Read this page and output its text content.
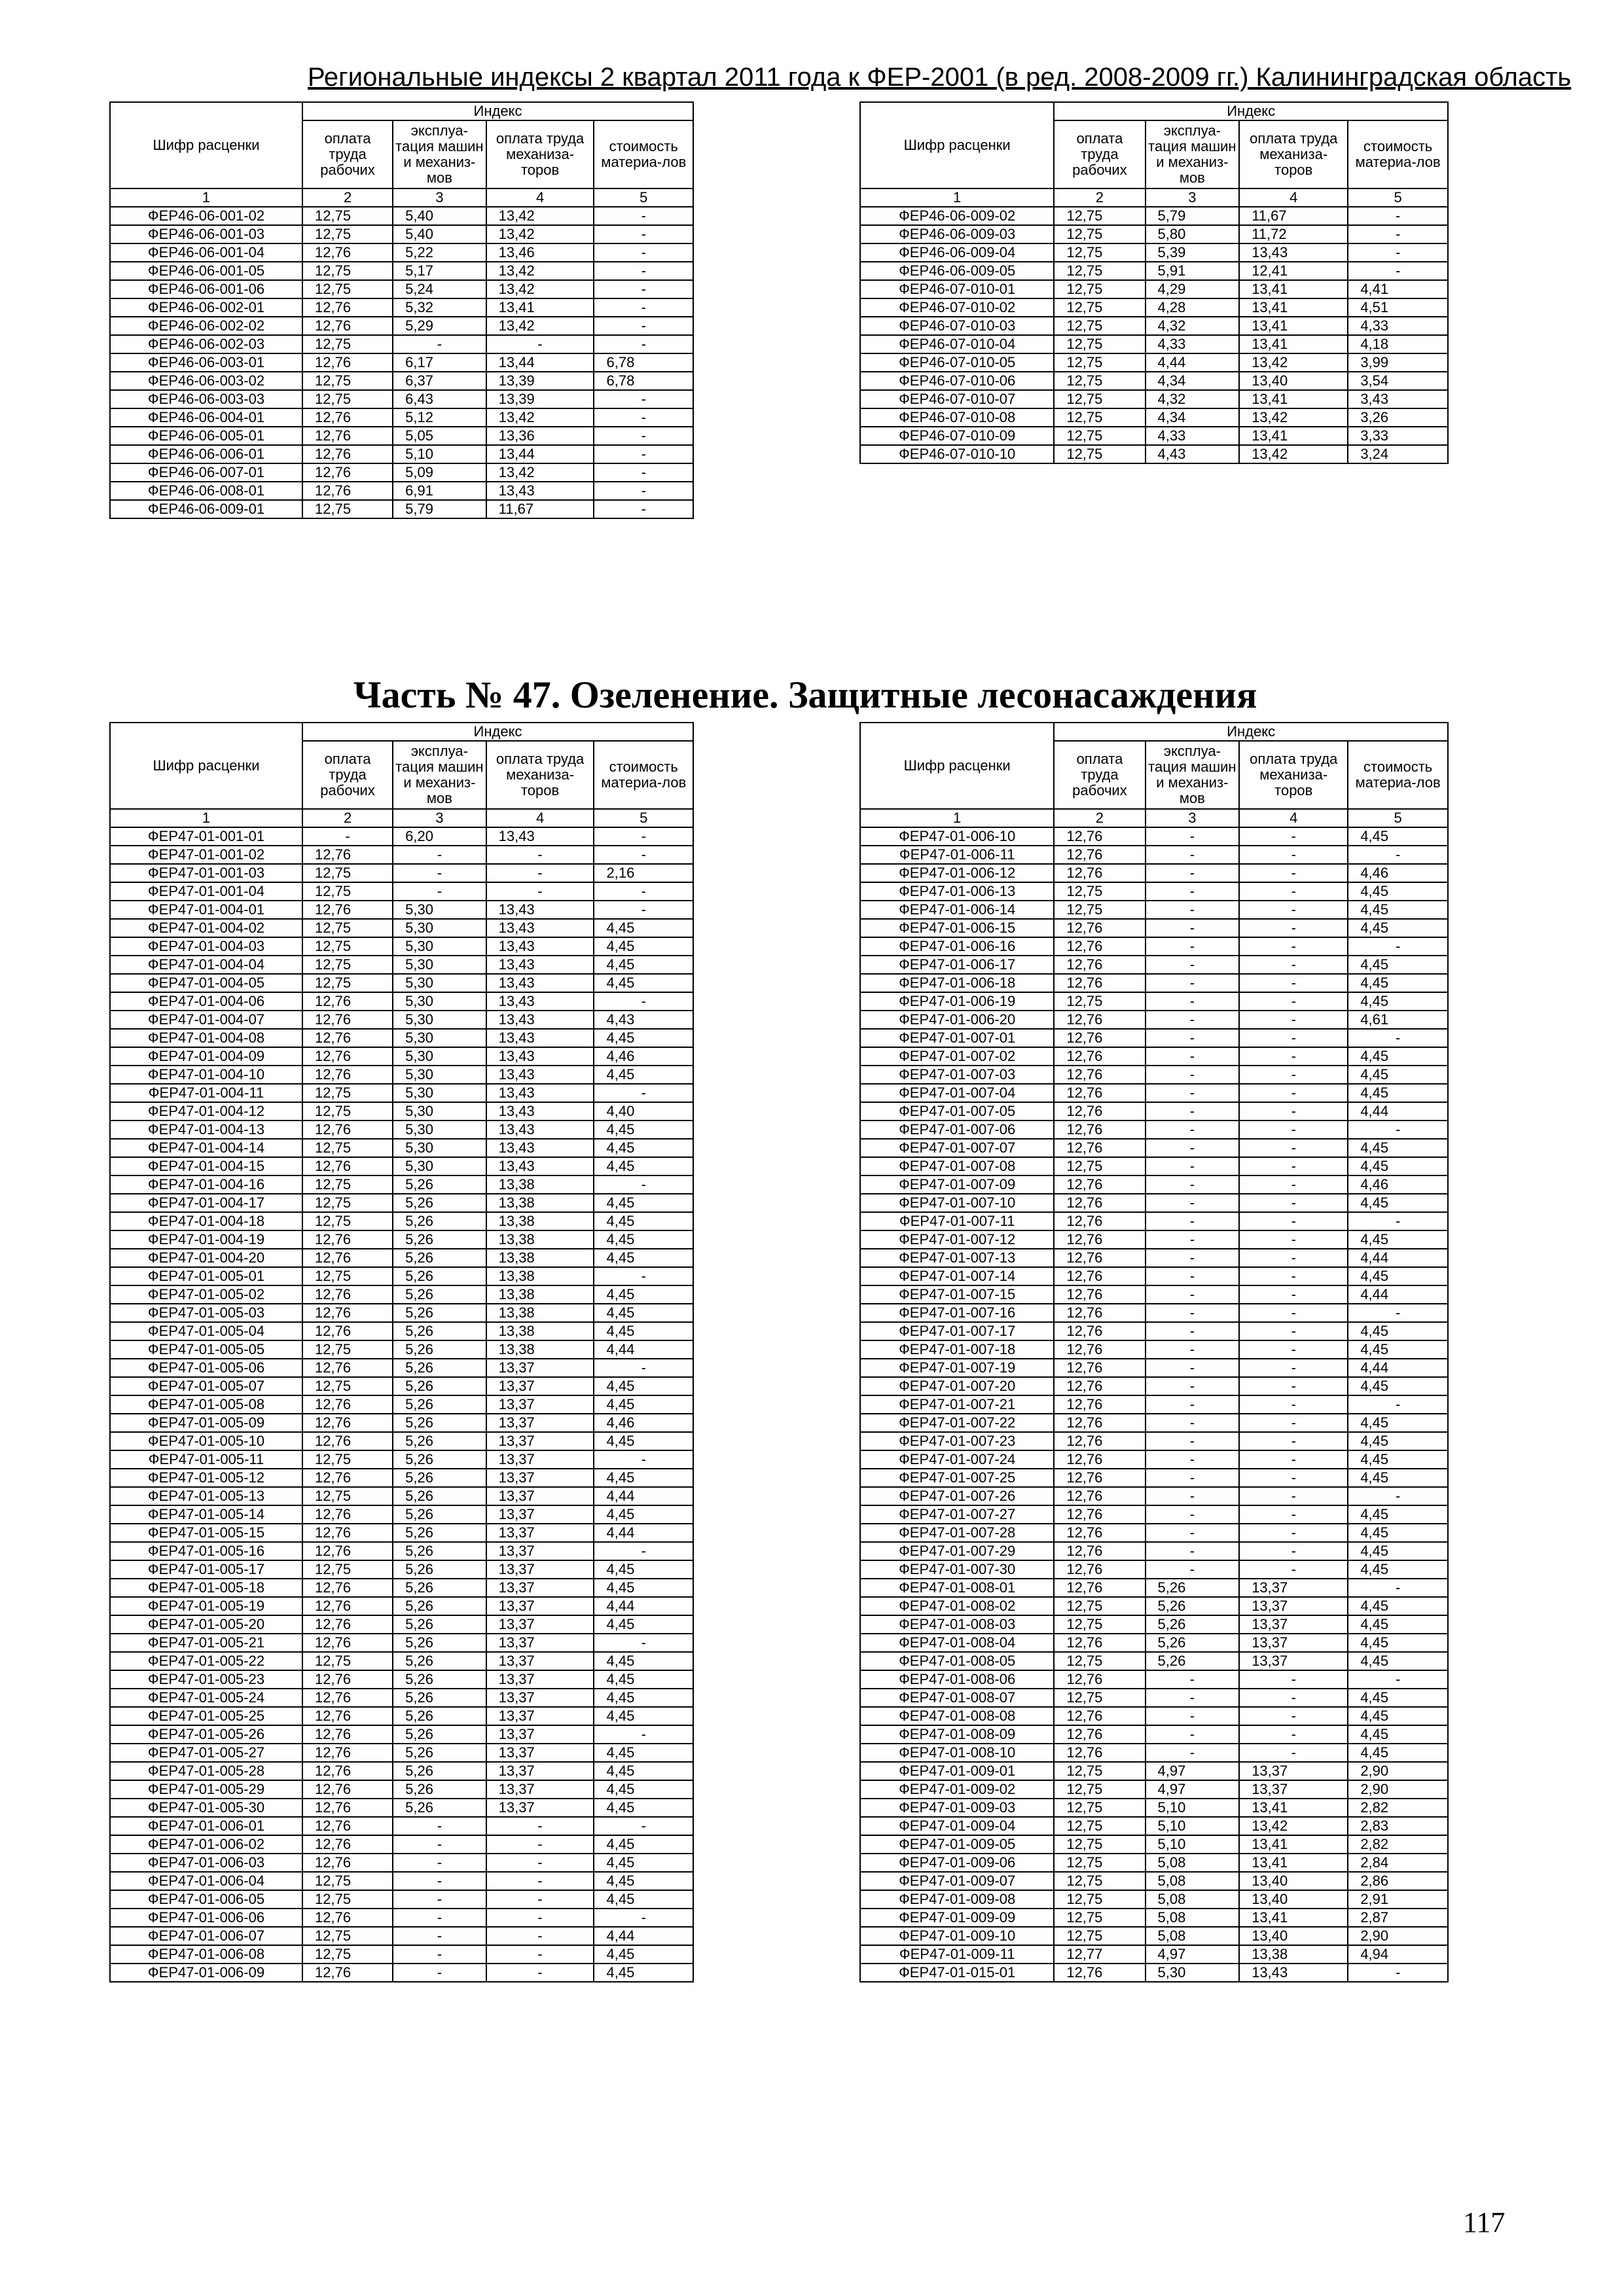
Региональные индексы 2 квартал 2011 года к ФЕР-2001 (в ред. 2008-2009 гг.) Калининградская область
Шифр расценки	Индекс			
	оплата труда рабочих	эксплуа-тация машин и механиз-мов	оплата труда механиза-торов	стоимость материа-лов
1	2	3	4	5
ФЕР46-06-001-02	12,75	5,40	13,42	-
ФЕР46-06-001-03	12,75	5,40	13,42	-
ФЕР46-06-001-04	12,76	5,22	13,46	-
ФЕР46-06-001-05	12,75	5,17	13,42	-
ФЕР46-06-001-06	12,75	5,24	13,42	-
ФЕР46-06-002-01	12,76	5,32	13,41	-
ФЕР46-06-002-02	12,76	5,29	13,42	-
ФЕР46-06-002-03	12,75	-	-	-
ФЕР46-06-003-01	12,76	6,17	13,44	6,78
ФЕР46-06-003-02	12,75	6,37	13,39	6,78
ФЕР46-06-003-03	12,75	6,43	13,39	-
ФЕР46-06-004-01	12,76	5,12	13,42	-
ФЕР46-06-005-01	12,76	5,05	13,36	-
ФЕР46-06-006-01	12,76	5,10	13,44	-
ФЕР46-06-007-01	12,76	5,09	13,42	-
ФЕР46-06-008-01	12,76	6,91	13,43	-
ФЕР46-06-009-01	12,75	5,79	11,67	-
Шифр расценки	Индекс			
	оплата труда рабочих	эксплуа-тация машин и механиз-мов	оплата труда механиза-торов	стоимость материа-лов
1	2	3	4	5
ФЕР46-06-009-02	12,75	5,79	11,67	-
ФЕР46-06-009-03	12,75	5,80	11,72	-
ФЕР46-06-009-04	12,75	5,39	13,43	-
ФЕР46-06-009-05	12,75	5,91	12,41	-
ФЕР46-07-010-01	12,75	4,29	13,41	4,41
ФЕР46-07-010-02	12,75	4,28	13,41	4,51
ФЕР46-07-010-03	12,75	4,32	13,41	4,33
ФЕР46-07-010-04	12,75	4,33	13,41	4,18
ФЕР46-07-010-05	12,75	4,44	13,42	3,99
ФЕР46-07-010-06	12,75	4,34	13,40	3,54
ФЕР46-07-010-07	12,75	4,32	13,41	3,43
ФЕР46-07-010-08	12,75	4,34	13,42	3,26
ФЕР46-07-010-09	12,75	4,33	13,41	3,33
ФЕР46-07-010-10	12,75	4,43	13,42	3,24
Часть № 47. Озеленение. Защитные лесонасаждения
Шифр расценки	Индекс			
	оплата труда рабочих	эксплуа-тация машин и механиз-мов	оплата труда механиза-торов	стоимость материа-лов
1	2	3	4	5
ФЕР47-01-001-01	-	6,20	13,43	-
ФЕР47-01-001-02	12,76	-	-	-
ФЕР47-01-001-03	12,75	-	-	2,16
ФЕР47-01-001-04	12,75	-	-	-
ФЕР47-01-004-01	12,76	5,30	13,43	-
ФЕР47-01-004-02	12,75	5,30	13,43	4,45
ФЕР47-01-004-03	12,75	5,30	13,43	4,45
ФЕР47-01-004-04	12,75	5,30	13,43	4,45
ФЕР47-01-004-05	12,75	5,30	13,43	4,45
ФЕР47-01-004-06	12,76	5,30	13,43	-
ФЕР47-01-004-07	12,76	5,30	13,43	4,43
ФЕР47-01-004-08	12,76	5,30	13,43	4,45
ФЕР47-01-004-09	12,76	5,30	13,43	4,46
ФЕР47-01-004-10	12,76	5,30	13,43	4,45
ФЕР47-01-004-11	12,75	5,30	13,43	-
ФЕР47-01-004-12	12,75	5,30	13,43	4,40
ФЕР47-01-004-13	12,76	5,30	13,43	4,45
ФЕР47-01-004-14	12,75	5,30	13,43	4,45
ФЕР47-01-004-15	12,76	5,30	13,43	4,45
ФЕР47-01-004-16	12,75	5,26	13,38	-
ФЕР47-01-004-17	12,75	5,26	13,38	4,45
ФЕР47-01-004-18	12,75	5,26	13,38	4,45
ФЕР47-01-004-19	12,76	5,26	13,38	4,45
ФЕР47-01-004-20	12,76	5,26	13,38	4,45
ФЕР47-01-005-01	12,75	5,26	13,38	-
ФЕР47-01-005-02	12,76	5,26	13,38	4,45
ФЕР47-01-005-03	12,76	5,26	13,38	4,45
ФЕР47-01-005-04	12,76	5,26	13,38	4,45
ФЕР47-01-005-05	12,75	5,26	13,38	4,44
ФЕР47-01-005-06	12,76	5,26	13,37	-
ФЕР47-01-005-07	12,75	5,26	13,37	4,45
ФЕР47-01-005-08	12,76	5,26	13,37	4,45
ФЕР47-01-005-09	12,76	5,26	13,37	4,46
ФЕР47-01-005-10	12,76	5,26	13,37	4,45
ФЕР47-01-005-11	12,75	5,26	13,37	-
ФЕР47-01-005-12	12,76	5,26	13,37	4,45
ФЕР47-01-005-13	12,75	5,26	13,37	4,44
ФЕР47-01-005-14	12,76	5,26	13,37	4,45
ФЕР47-01-005-15	12,76	5,26	13,37	4,44
ФЕР47-01-005-16	12,76	5,26	13,37	-
ФЕР47-01-005-17	12,75	5,26	13,37	4,45
ФЕР47-01-005-18	12,76	5,26	13,37	4,45
ФЕР47-01-005-19	12,76	5,26	13,37	4,44
ФЕР47-01-005-20	12,76	5,26	13,37	4,45
ФЕР47-01-005-21	12,76	5,26	13,37	-
ФЕР47-01-005-22	12,75	5,26	13,37	4,45
ФЕР47-01-005-23	12,76	5,26	13,37	4,45
ФЕР47-01-005-24	12,76	5,26	13,37	4,45
ФЕР47-01-005-25	12,76	5,26	13,37	4,45
ФЕР47-01-005-26	12,76	5,26	13,37	-
ФЕР47-01-005-27	12,76	5,26	13,37	4,45
ФЕР47-01-005-28	12,76	5,26	13,37	4,45
ФЕР47-01-005-29	12,76	5,26	13,37	4,45
ФЕР47-01-005-30	12,76	5,26	13,37	4,45
ФЕР47-01-006-01	12,76	-	-	-
ФЕР47-01-006-02	12,76	-	-	4,45
ФЕР47-01-006-03	12,76	-	-	4,45
ФЕР47-01-006-04	12,75	-	-	4,45
ФЕР47-01-006-05	12,75	-	-	4,45
ФЕР47-01-006-06	12,76	-	-	-
ФЕР47-01-006-07	12,75	-	-	4,44
ФЕР47-01-006-08	12,75	-	-	4,45
ФЕР47-01-006-09	12,76	-	-	4,45
Шифр расценки	Индекс			
	оплата труда рабочих	эксплуа-тация машин и механиз-мов	оплата труда механиза-торов	стоимость материа-лов
1	2	3	4	5
ФЕР47-01-006-10	12,76	-	-	4,45
ФЕР47-01-006-11	12,76	-	-	-
ФЕР47-01-006-12	12,76	-	-	4,46
ФЕР47-01-006-13	12,75	-	-	4,45
ФЕР47-01-006-14	12,75	-	-	4,45
ФЕР47-01-006-15	12,76	-	-	4,45
ФЕР47-01-006-16	12,76	-	-	-
ФЕР47-01-006-17	12,76	-	-	4,45
ФЕР47-01-006-18	12,76	-	-	4,45
ФЕР47-01-006-19	12,75	-	-	4,45
ФЕР47-01-006-20	12,76	-	-	4,61
ФЕР47-01-007-01	12,76	-	-	-
ФЕР47-01-007-02	12,76	-	-	4,45
ФЕР47-01-007-03	12,76	-	-	4,45
ФЕР47-01-007-04	12,76	-	-	4,45
ФЕР47-01-007-05	12,76	-	-	4,44
ФЕР47-01-007-06	12,76	-	-	-
ФЕР47-01-007-07	12,76	-	-	4,45
ФЕР47-01-007-08	12,75	-	-	4,45
ФЕР47-01-007-09	12,76	-	-	4,46
ФЕР47-01-007-10	12,76	-	-	4,45
ФЕР47-01-007-11	12,76	-	-	-
ФЕР47-01-007-12	12,76	-	-	4,45
ФЕР47-01-007-13	12,76	-	-	4,44
ФЕР47-01-007-14	12,76	-	-	4,45
ФЕР47-01-007-15	12,76	-	-	4,44
ФЕР47-01-007-16	12,76	-	-	-
ФЕР47-01-007-17	12,76	-	-	4,45
ФЕР47-01-007-18	12,76	-	-	4,45
ФЕР47-01-007-19	12,76	-	-	4,44
ФЕР47-01-007-20	12,76	-	-	4,45
ФЕР47-01-007-21	12,76	-	-	-
ФЕР47-01-007-22	12,76	-	-	4,45
ФЕР47-01-007-23	12,76	-	-	4,45
ФЕР47-01-007-24	12,76	-	-	4,45
ФЕР47-01-007-25	12,76	-	-	4,45
ФЕР47-01-007-26	12,76	-	-	-
ФЕР47-01-007-27	12,76	-	-	4,45
ФЕР47-01-007-28	12,76	-	-	4,45
ФЕР47-01-007-29	12,76	-	-	4,45
ФЕР47-01-007-30	12,76	-	-	4,45
ФЕР47-01-008-01	12,76	5,26	13,37	-
ФЕР47-01-008-02	12,75	5,26	13,37	4,45
ФЕР47-01-008-03	12,75	5,26	13,37	4,45
ФЕР47-01-008-04	12,76	5,26	13,37	4,45
ФЕР47-01-008-05	12,75	5,26	13,37	4,45
ФЕР47-01-008-06	12,76	-	-	-
ФЕР47-01-008-07	12,75	-	-	4,45
ФЕР47-01-008-08	12,76	-	-	4,45
ФЕР47-01-008-09	12,76	-	-	4,45
ФЕР47-01-008-10	12,76	-	-	4,45
ФЕР47-01-009-01	12,75	4,97	13,37	2,90
ФЕР47-01-009-02	12,75	4,97	13,37	2,90
ФЕР47-01-009-03	12,75	5,10	13,41	2,82
ФЕР47-01-009-04	12,75	5,10	13,42	2,83
ФЕР47-01-009-05	12,75	5,10	13,41	2,82
ФЕР47-01-009-06	12,75	5,08	13,41	2,84
ФЕР47-01-009-07	12,75	5,08	13,40	2,86
ФЕР47-01-009-08	12,75	5,08	13,40	2,91
ФЕР47-01-009-09	12,75	5,08	13,41	2,87
ФЕР47-01-009-10	12,75	5,08	13,40	2,90
ФЕР47-01-009-11	12,77	4,97	13,38	4,94
ФЕР47-01-015-01	12,76	5,30	13,43	-
117
